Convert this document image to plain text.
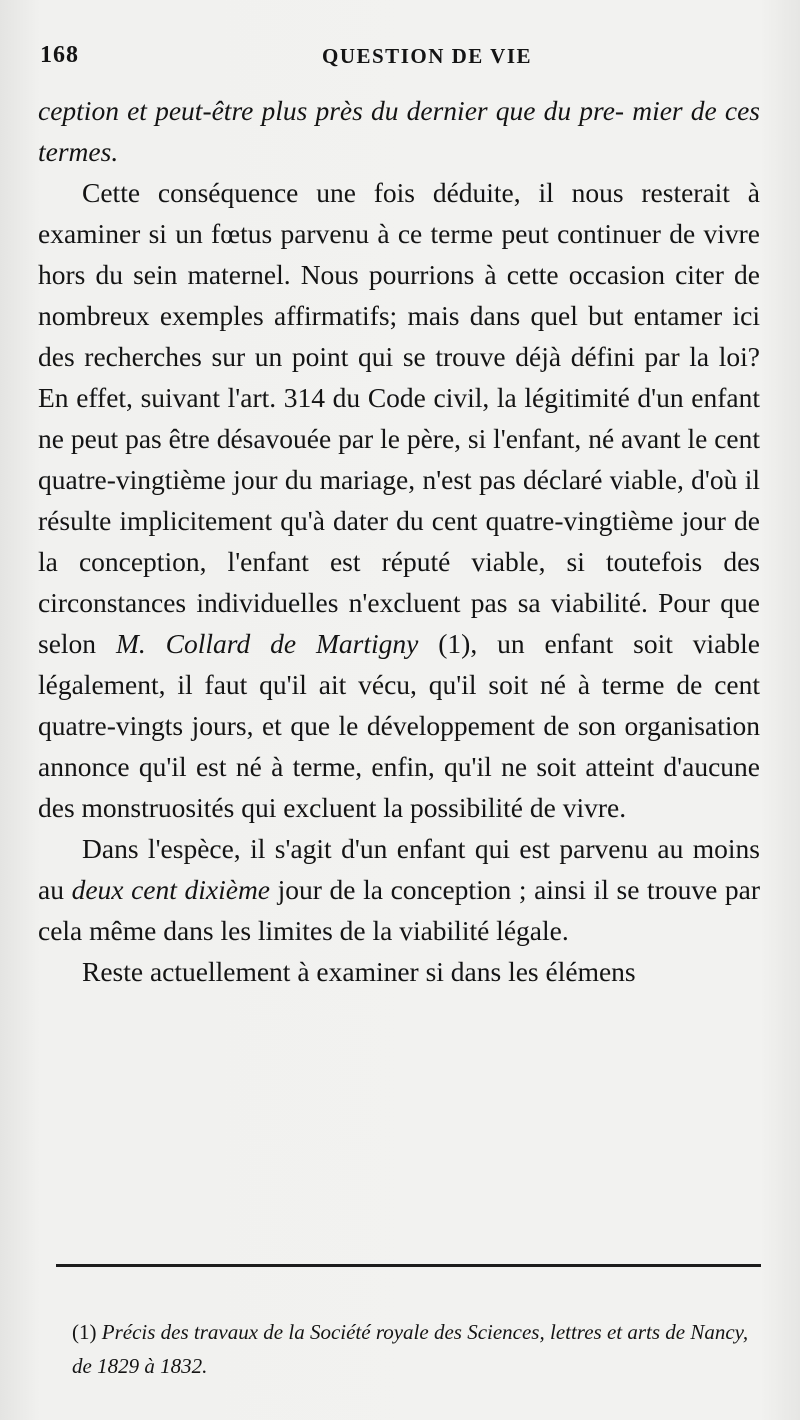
168	QUESTION DE VIE

ception et peut-être plus près du dernier que du pre- mier de ces termes.

Cette conséquence une fois déduite, il nous resterait à examiner si un fœtus parvenu à ce terme peut continuer de vivre hors du sein maternel. Nous pourrions à cette occasion citer de nombreux exemples affirmatifs; mais dans quel but entamer ici des recherches sur un point qui se trouve déjà défini par la loi? En effet, suivant l'art. 314 du Code civil, la légitimité d'un enfant ne peut pas être désavouée par le père, si l'enfant, né avant le cent quatre-vingtième jour du mariage, n'est pas déclaré viable, d'où il résulte implicitement qu'à dater du cent quatre-vingtième jour de la conception, l'enfant est réputé viable, si toutefois des circonstances individuelles n'excluent pas sa viabilité. Pour que selon M. Collard de Martigny (1), un enfant soit viable légalement, il faut qu'il ait vécu, qu'il soit né à terme de cent quatre-vingts jours, et que le développement de son organisation annonce qu'il est né à terme, enfin, qu'il ne soit atteint d'aucune des monstruosités qui excluent la possibilité de vivre.

Dans l'espèce, il s'agit d'un enfant qui est parvenu au moins au deux cent dixième jour de la conception ; ainsi il se trouve par cela même dans les limites de la viabilité légale.

Reste actuellement à examiner si dans les élémens

(1) Précis des travaux de la Société royale des Sciences, lettres et arts de Nancy, de 1829 à 1832.
